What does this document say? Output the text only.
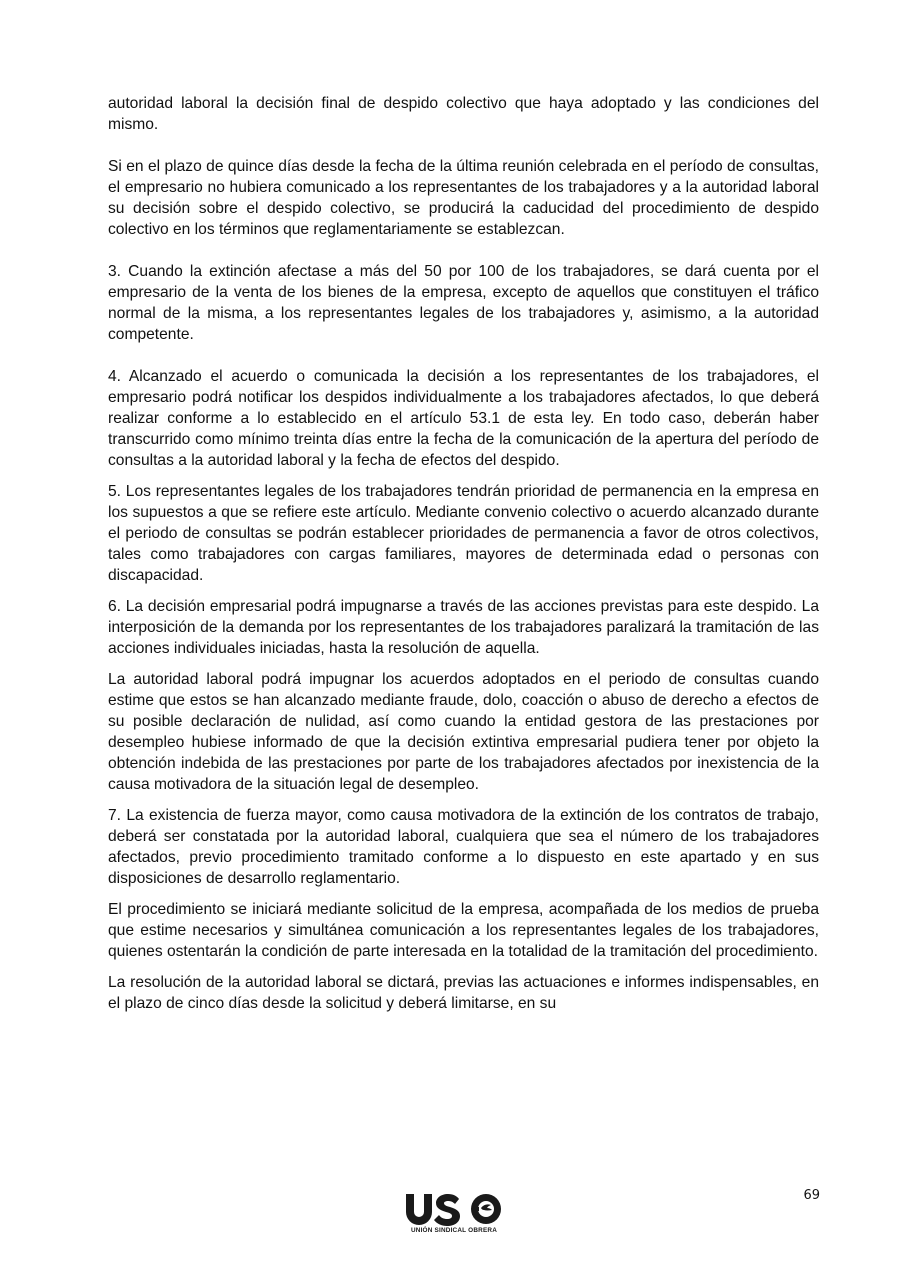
autoridad laboral la decisión final de despido colectivo que haya adoptado y las condiciones del mismo.

Si en el plazo de quince días desde la fecha de la última reunión celebrada en el período de consultas, el empresario no hubiera comunicado a los representantes de los trabajadores y a la autoridad laboral su decisión sobre el despido colectivo, se producirá la caducidad del procedimiento de despido colectivo en los términos que reglamentariamente se establezcan.

3. Cuando la extinción afectase a más del 50 por 100 de los trabajadores, se dará cuenta por el empresario de la venta de los bienes de la empresa, excepto de aquellos que constituyen el tráfico normal de la misma, a los representantes legales de los trabajadores y, asimismo, a la autoridad competente.

4. Alcanzado el acuerdo o comunicada la decisión a los representantes de los trabajadores, el empresario podrá notificar los despidos individualmente a los trabajadores afectados, lo que deberá realizar conforme a lo establecido en el artículo 53.1 de esta ley. En todo caso, deberán haber transcurrido como mínimo treinta días entre la fecha de la comunicación de la apertura del período de consultas a la autoridad laboral y la fecha de efectos del despido.

5. Los representantes legales de los trabajadores tendrán prioridad de permanencia en la empresa en los supuestos a que se refiere este artículo. Mediante convenio colectivo o acuerdo alcanzado durante el periodo de consultas se podrán establecer prioridades de permanencia a favor de otros colectivos, tales como trabajadores con cargas familiares, mayores de determinada edad o personas con discapacidad.

6. La decisión empresarial podrá impugnarse a través de las acciones previstas para este despido. La interposición de la demanda por los representantes de los trabajadores paralizará la tramitación de las acciones individuales iniciadas, hasta la resolución de aquella.

La autoridad laboral podrá impugnar los acuerdos adoptados en el periodo de consultas cuando estime que estos se han alcanzado mediante fraude, dolo, coacción o abuso de derecho a efectos de su posible declaración de nulidad, así como cuando la entidad gestora de las prestaciones por desempleo hubiese informado de que la decisión extintiva empresarial pudiera tener por objeto la obtención indebida de las prestaciones por parte de los trabajadores afectados por inexistencia de la causa motivadora de la situación legal de desempleo.

7. La existencia de fuerza mayor, como causa motivadora de la extinción de los contratos de trabajo, deberá ser constatada por la autoridad laboral, cualquiera que sea el número de los trabajadores afectados, previo procedimiento tramitado conforme a lo dispuesto en este apartado y en sus disposiciones de desarrollo reglamentario.

El procedimiento se iniciará mediante solicitud de la empresa, acompañada de los medios de prueba que estime necesarios y simultánea comunicación a los representantes legales de los trabajadores, quienes ostentarán la condición de parte interesada en la totalidad de la tramitación del procedimiento.

La resolución de la autoridad laboral se dictará, previas las actuaciones e informes indispensables, en el plazo de cinco días desde la solicitud y deberá limitarse, en su

69
UNIÓN SINDICAL OBRERA
